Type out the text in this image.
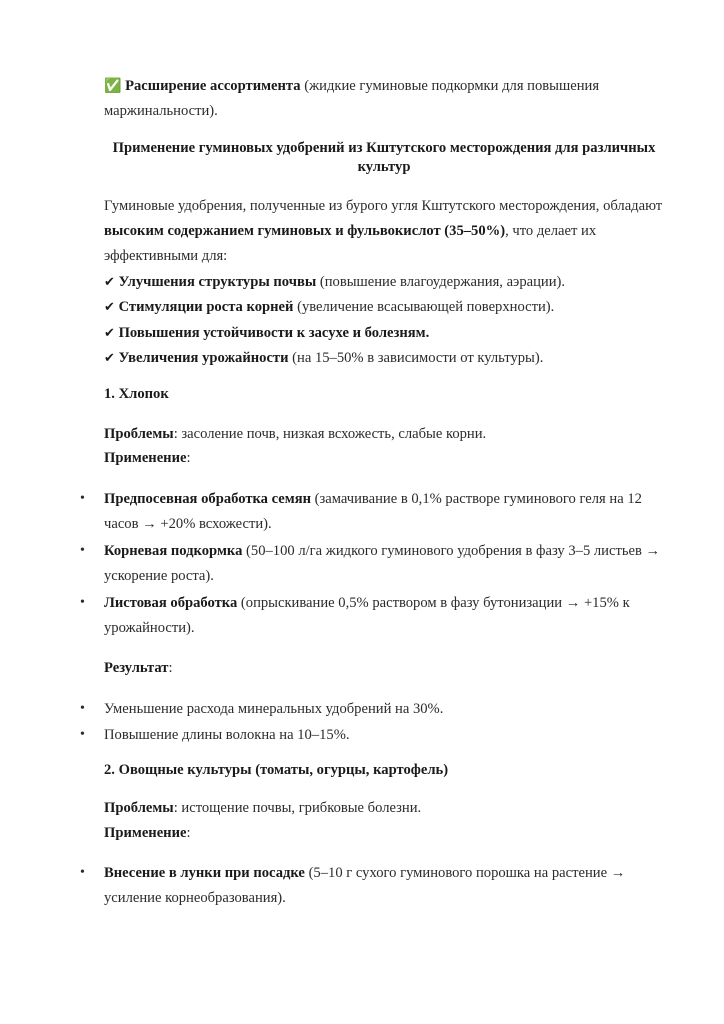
✅ Расширение ассортимента (жидкие гуминовые подкормки для повышения

маржинальности).

Применение гуминовых удобрений из Кштутского месторождения для различных культур

Гуминовые удобрения, полученные из бурого угля Кштутского месторождения, обладают высоким содержанием гуминовых и фульвокислот (35–50%), что делает их эффективными для:

✔ Улучшения структуры почвы (повышение влагоудержания, аэрации).

✔ Стимуляции роста корней (увеличение всасывающей поверхности).

✔ Повышения устойчивости к засухе и болезням.

✔ Увеличения урожайности (на 15–50% в зависимости от культуры).

1. Хлопок

Проблемы: засоление почв, низкая всхожесть, слабые корни.

Применение:

• Предпосевная обработка семян (замачивание в 0,1% растворе гуминового геля на 12

часов → +20% всхожести).

• Корневая подкормка (50–100 л/га жидкого гуминового удобрения в фазу 3–5 листьев →

ускорение роста).

• Листовая обработка (опрыскивание 0,5% раствором в фазу бутонизации → +15% к

урожайности).

Результат:

• Уменьшение расхода минеральных удобрений на 30%.

• Повышение длины волокна на 10–15%.

2. Овощные культуры (томаты, огурцы, картофель)

Проблемы: истощение почвы, грибковые болезни.

Применение:

• Внесение в лунки при посадке (5–10 г сухого гуминового порошка на растение →

усиление корнеобразования).
